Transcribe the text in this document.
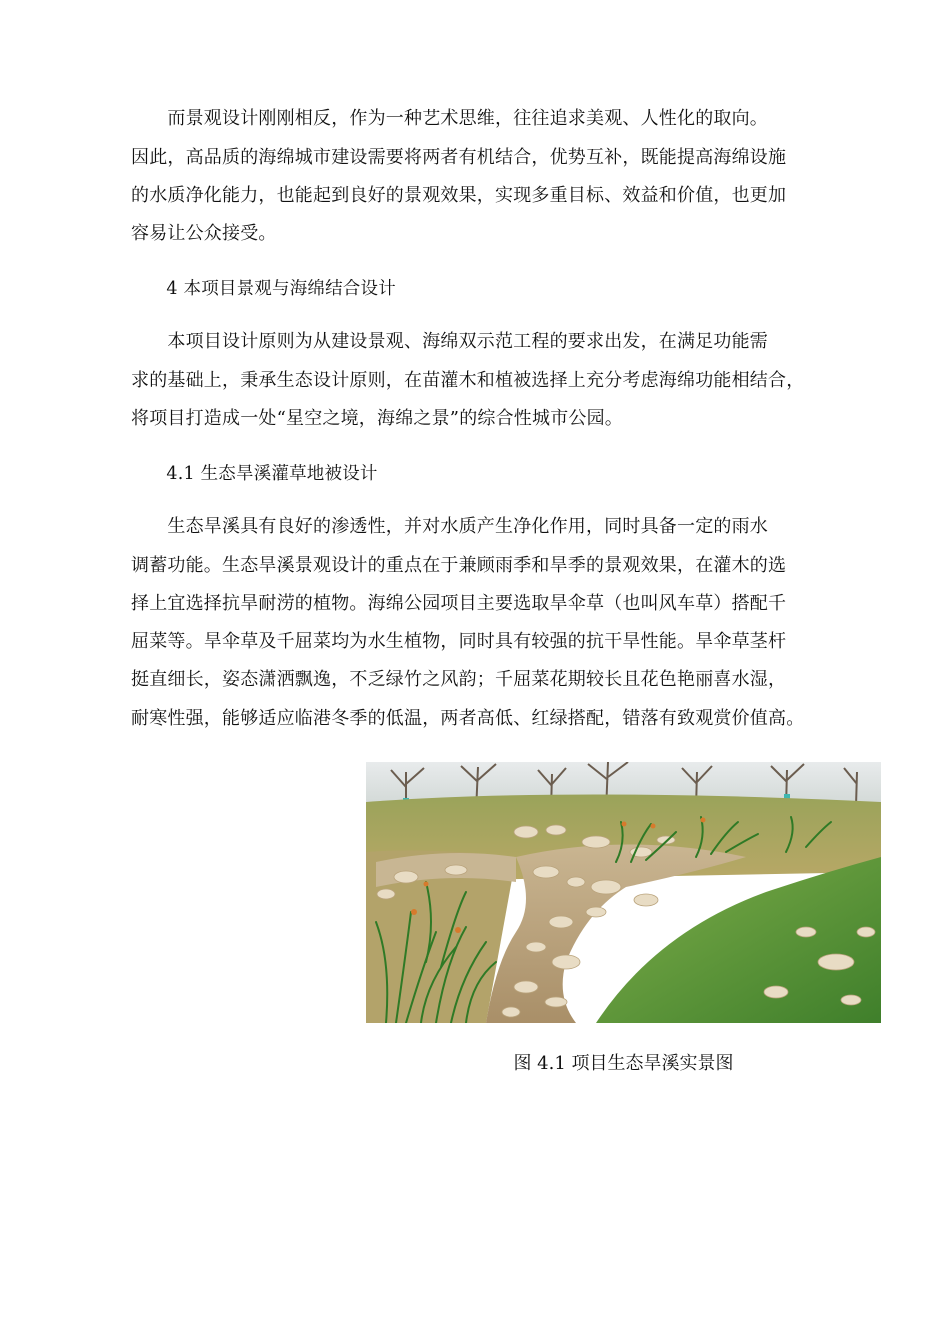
　　而景观设计刚刚相反，作为一种艺术思维，往往追求美观、人性化的取向。
因此，高品质的海绵城市建设需要将两者有机结合，优势互补，既能提高海绵设施
的水质净化能力，也能起到良好的景观效果，实现多重目标、效益和价值，也更加
容易让公众接受。
　　4 本项目景观与海绵结合设计
　　本项目设计原则为从建设景观、海绵双示范工程的要求出发，在满足功能需
求的基础上，秉承生态设计原则，在苗灌木和植被选择上充分考虑海绵功能相结合，
将项目打造成一处“星空之境，海绵之景”的综合性城市公园。
　　4.1 生态旱溪灌草地被设计
　　生态旱溪具有良好的渗透性，并对水质产生净化作用，同时具备一定的雨水
调蓄功能。生态旱溪景观设计的重点在于兼顾雨季和旱季的景观效果，在灌木的选
择上宜选择抗旱耐涝的植物。海绵公园项目主要选取旱伞草（也叫风车草）搭配千
屈菜等。旱伞草及千屈菜均为水生植物，同时具有较强的抗干旱性能。旱伞草茎杆
挺直细长，姿态潇洒飘逸，不乏绿竹之风韵；千屈菜花期较长且花色艳丽喜水湿，
耐寒性强，能够适应临港冬季的低温，两者高低、红绿搭配，错落有致观赏价值高。
图 4.1 项目生态旱溪实景图
